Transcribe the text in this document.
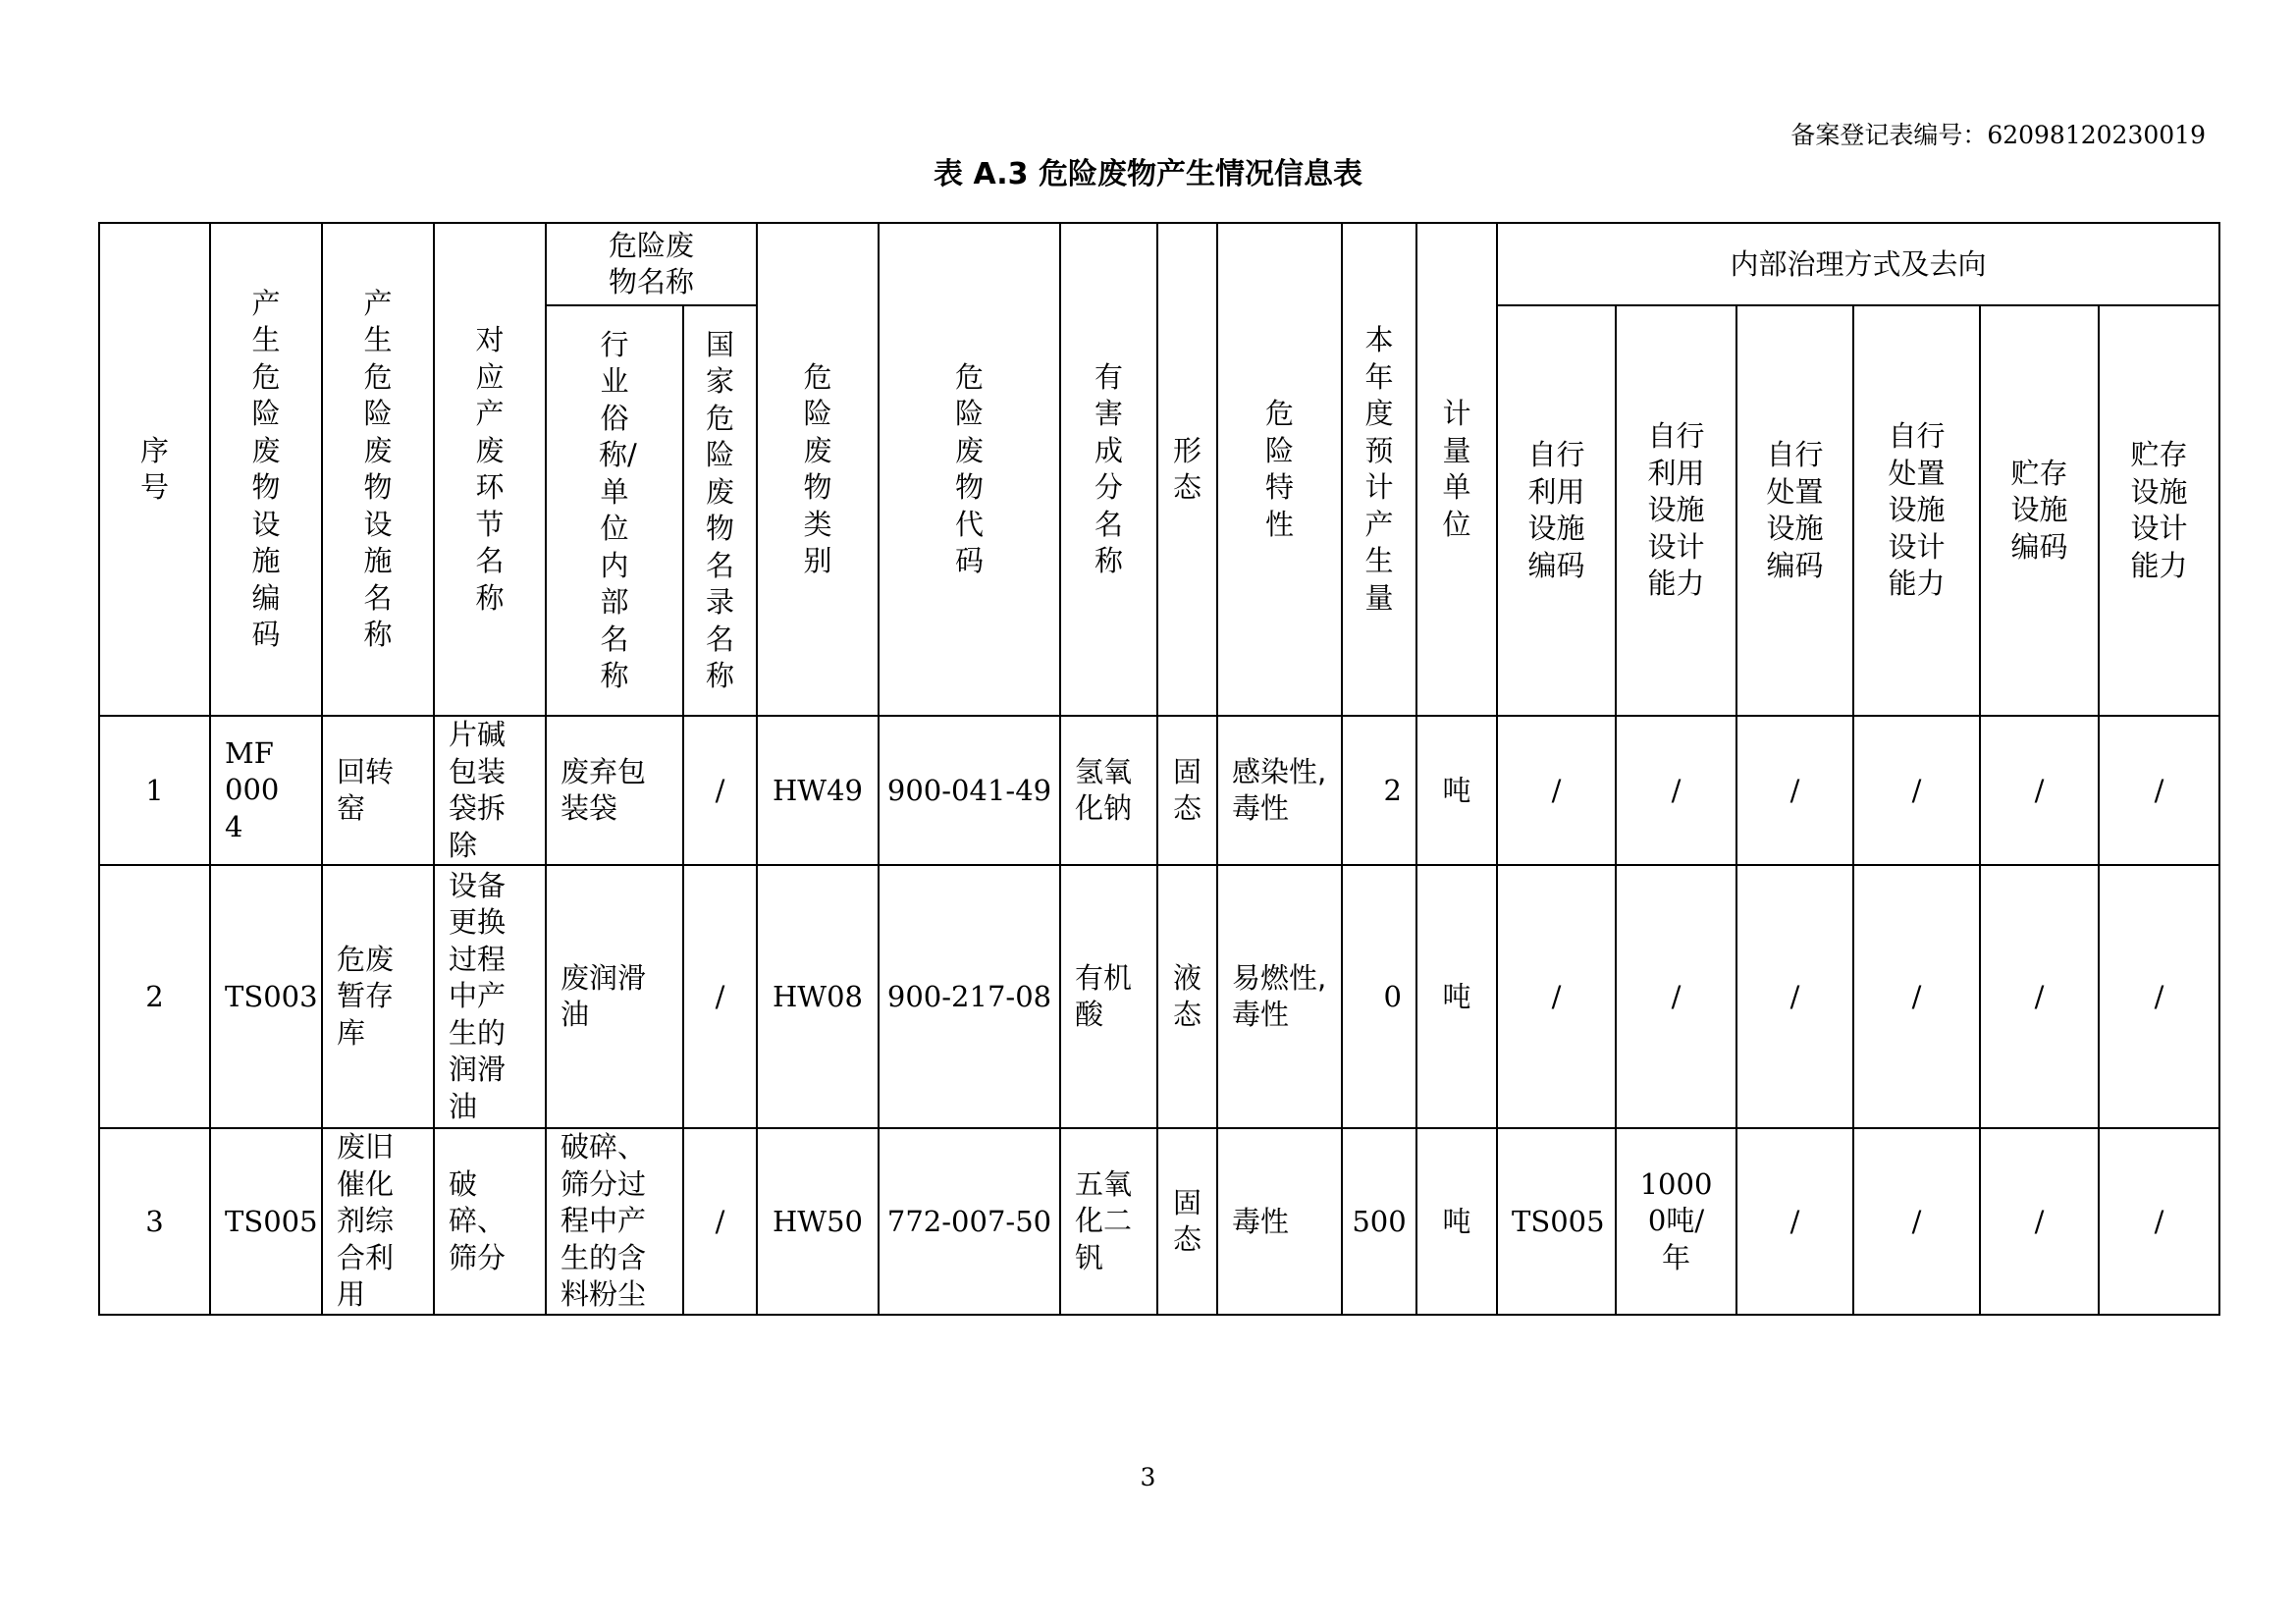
备案登记表编号：62098120230019
表 A.3 危险废物产生情况信息表
序号	产生危险废物设施编码	产生危险废物设施名称	对应产废环节名称	危险废物名称		危险废物类别	危险废物代码	有害成分名称	形态	危险特性	本年度预计产生量	计量单位	内部治理方式及去向					
				行业俗称/单位内部名称	国家危险废物名录名称								自行利用设施编码	自行利用设施设计能力	自行处置设施编码	自行处置设施设计能力	贮存设施编码	贮存设施设计能力
1	MF0004	回转窑	片碱包装袋拆除	废弃包装袋	/	HW49	900-041-49	氢氧化钠	固态	感染性,毒性	2	吨	/	/	/	/	/	/
2	TS003	危废暂存库	设备更换过程中产生的润滑油	废润滑油	/	HW08	900-217-08	有机酸	液态	易燃性,毒性	0	吨	/	/	/	/	/	/
3	TS005	废旧催化剂综合利用	破碎、筛分	破碎、筛分过程中产生的含料粉尘	/	HW50	772-007-50	五氧化二钒	固态	毒性	500	吨	TS005	10000吨/年	/	/	/	/
3
